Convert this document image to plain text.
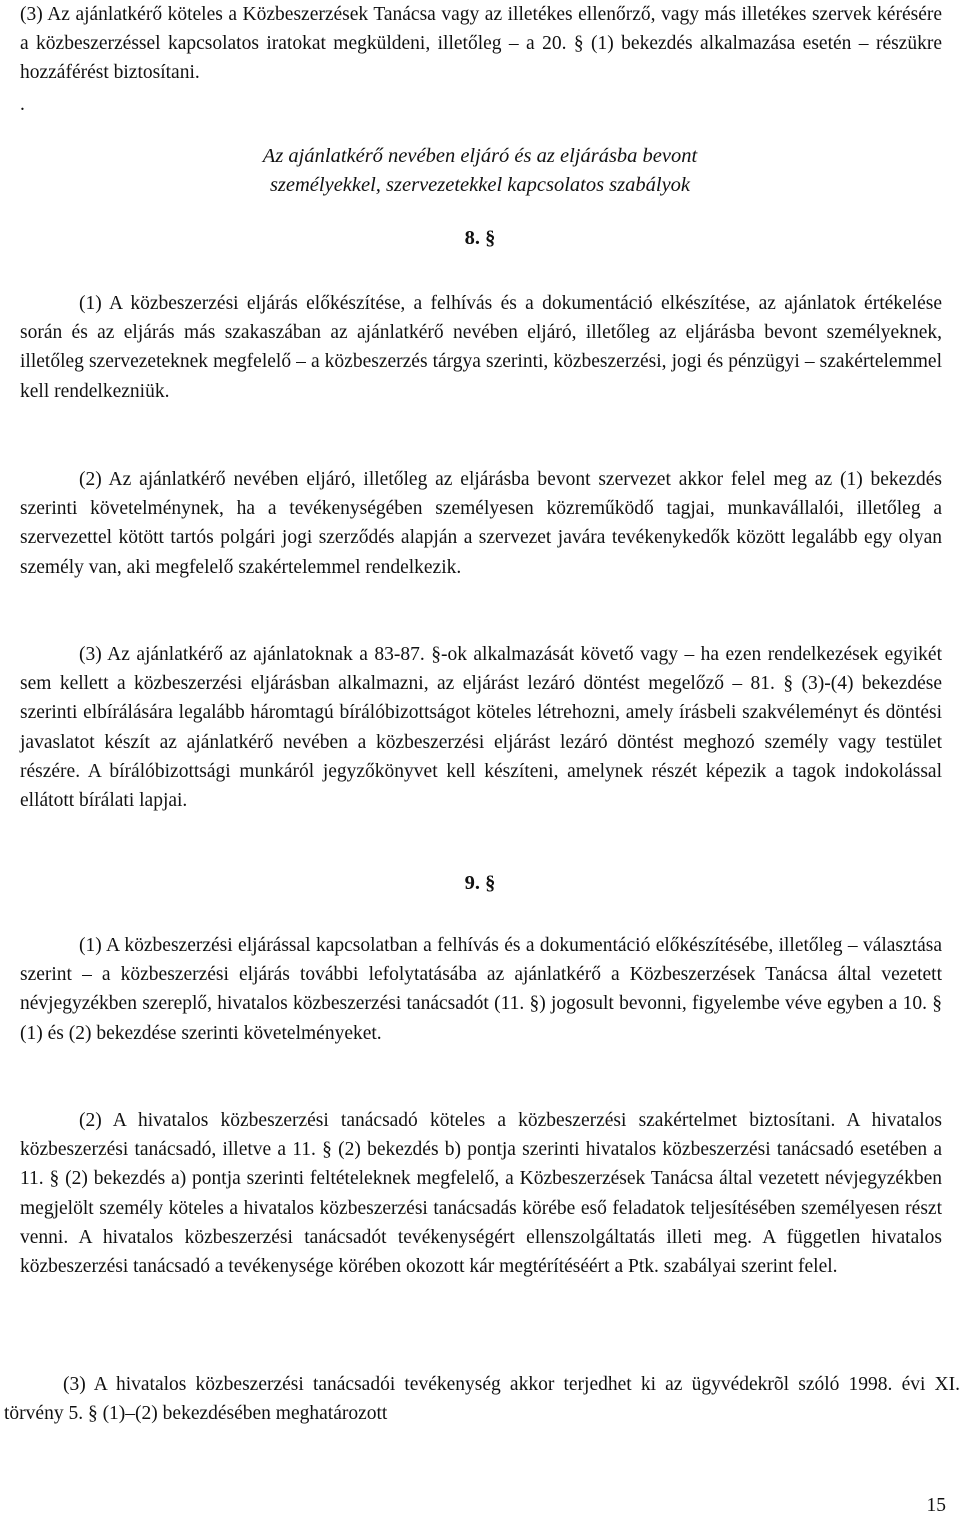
(3) Az ajánlatkérő köteles a Közbeszerzések Tanácsa vagy az illetékes ellenőrző, vagy más illetékes szervek kérésére a közbeszerzéssel kapcsolatos iratokat megküldeni, illetőleg – a 20. § (1) bekezdés alkalmazása esetén – részükre hozzáférést biztosítani.

.

Az ajánlatkérő nevében eljáró és az eljárásba bevont

személyekkel, szervezetekkel kapcsolatos szabályok

8. §

(1) A közbeszerzési eljárás előkészítése, a felhívás és a dokumentáció elkészítése, az ajánlatok értékelése során és az eljárás más szakaszában az ajánlatkérő nevében eljáró, illetőleg az eljárásba bevont személyeknek, illetőleg szervezeteknek megfelelő – a közbeszerzés tárgya szerinti, közbeszerzési, jogi és pénzügyi – szakértelemmel kell rendelkezniük.

(2) Az ajánlatkérő nevében eljáró, illetőleg az eljárásba bevont szervezet akkor felel meg az (1) bekezdés szerinti követelménynek, ha a tevékenységében személyesen közreműködő tagjai, munkavállalói, illetőleg a szervezettel kötött tartós polgári jogi szerződés alapján a szervezet javára tevékenykedők között legalább egy olyan személy van, aki megfelelő szakértelemmel rendelkezik.

(3) Az ajánlatkérő az ajánlatoknak a 83-87. §-ok alkalmazását követő vagy – ha ezen rendelkezések egyikét sem kellett a közbeszerzési eljárásban alkalmazni, az eljárást lezáró döntést megelőző – 81. § (3)-(4) bekezdése szerinti elbírálására legalább háromtagú bírálóbizottságot köteles létrehozni, amely írásbeli szakvéleményt és döntési javaslatot készít az ajánlatkérő nevében a közbeszerzési eljárást lezáró döntést meghozó személy vagy testület részére. A bírálóbizottsági munkáról jegyzőkönyvet kell készíteni, amelynek részét képezik a tagok indokolással ellátott bírálati lapjai.

9. §

(1) A közbeszerzési eljárással kapcsolatban a felhívás és a dokumentáció előkészítésébe, illetőleg – választása szerint – a közbeszerzési eljárás további lefolytatásába az ajánlatkérő a Közbeszerzések Tanácsa által vezetett névjegyzékben szereplő, hivatalos közbeszerzési tanácsadót (11. §) jogosult bevonni, figyelembe véve egyben a 10. § (1) és (2) bekezdése szerinti követelményeket.

(2) A hivatalos közbeszerzési tanácsadó köteles a közbeszerzési szakértelmet biztosítani. A hivatalos közbeszerzési tanácsadó, illetve a 11. § (2) bekezdés b) pontja szerinti hivatalos közbeszerzési tanácsadó esetében a 11. § (2) bekezdés a) pontja szerinti feltételeknek megfelelő, a Közbeszerzések Tanácsa által vezetett névjegyzékben megjelölt személy köteles a hivatalos közbeszerzési tanácsadás körébe eső feladatok teljesítésében személyesen részt venni. A hivatalos közbeszerzési tanácsadót tevékenységért ellenszolgáltatás illeti meg. A független hivatalos közbeszerzési tanácsadó a tevékenysége körében okozott kár megtérítéséért a Ptk. szabályai szerint felel.

(3) A hivatalos közbeszerzési tanácsadói tevékenység akkor terjedhet ki az ügyvédekrõl szóló 1998. évi XI. törvény 5. § (1)–(2) bekezdésében meghatározott

15
